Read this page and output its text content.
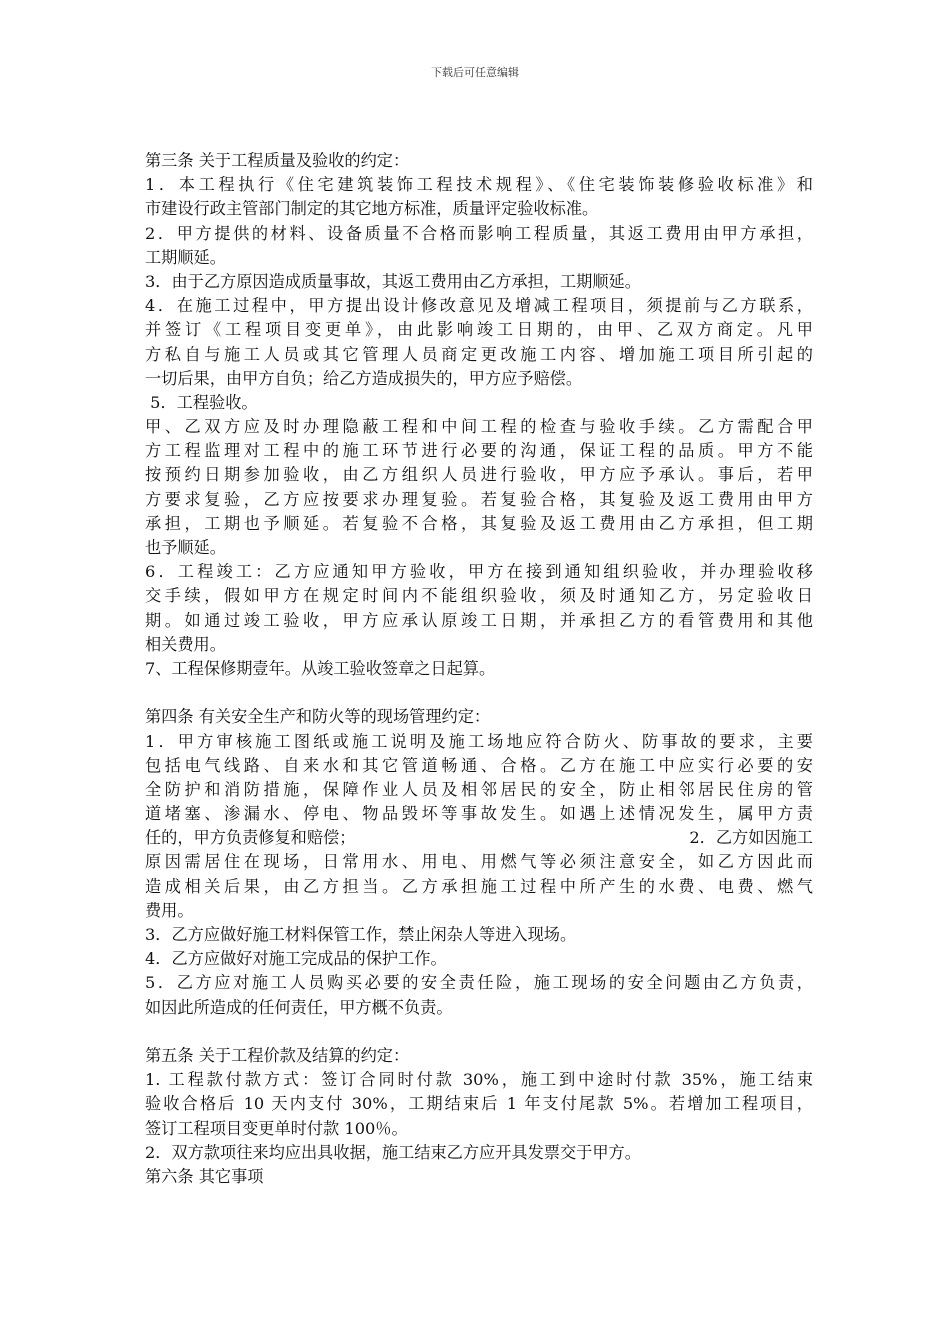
下载后可任意编辑
第三条 关于工程质量及验收的约定：
1．本工程执行《住宅建筑装饰工程技术规程》、《住宅装饰装修验收标准》和
市建设行政主管部门制定的其它地方标准，质量评定验收标准。
2．甲方提供的材料、设备质量不合格而影响工程质量，其返工费用由甲方承担，
工期顺延。
3．由于乙方原因造成质量事故，其返工费用由乙方承担，工期顺延。
4．在施工过程中，甲方提出设计修改意见及增减工程项目，须提前与乙方联系，
并签订《工程项目变更单》，由此影响竣工日期的，由甲、乙双方商定。凡甲
方私自与施工人员或其它管理人员商定更改施工内容、增加施工项目所引起的
一切后果，由甲方自负；给乙方造成损失的，甲方应予赔偿。
5．工程验收。
甲、乙双方应及时办理隐蔽工程和中间工程的检查与验收手续。乙方需配合甲
方工程监理对工程中的施工环节进行必要的沟通，保证工程的品质。甲方不能
按预约日期参加验收，由乙方组织人员进行验收，甲方应予承认。事后，若甲
方要求复验，乙方应按要求办理复验。若复验合格，其复验及返工费用由甲方
承担，工期也予顺延。若复验不合格，其复验及返工费用由乙方承担，但工期
也予顺延。
6．工程竣工：乙方应通知甲方验收，甲方在接到通知组织验收，并办理验收移
交手续，假如甲方在规定时间内不能组织验收，须及时通知乙方，另定验收日
期。如通过竣工验收，甲方应承认原竣工日期，并承担乙方的看管费用和其他
相关费用。
7、工程保修期壹年。从竣工验收签章之日起算。
第四条 有关安全生产和防火等的现场管理约定：
1．甲方审核施工图纸或施工说明及施工场地应符合防火、防事故的要求，主要
包括电气线路、自来水和其它管道畅通、合格。乙方在施工中应实行必要的安
全防护和消防措施，保障作业人员及相邻居民的安全，防止相邻居民住房的管
道堵塞、渗漏水、停电、物品毁坏等事故发生。如遇上述情况发生，属甲方责
任的，甲方负责修复和赔偿；	2．乙方如因施工
原因需居住在现场，日常用水、用电、用燃气等必须注意安全，如乙方因此而
造成相关后果，由乙方担当。乙方承担施工过程中所产生的水费、电费、燃气
费用。
3．乙方应做好施工材料保管工作，禁止闲杂人等进入现场。
4．乙方应做好对施工完成品的保护工作。
5．乙方应对施工人员购买必要的安全责任险，施工现场的安全问题由乙方负责，
如因此所造成的任何责任，甲方概不负责。
第五条 关于工程价款及结算的约定：
1. 工程款付款方式：签订合同时付款 30%，施工到中途时付款 35%，施工结束
验收合格后 10 天内支付 30%，工期结束后 1 年支付尾款 5%。若增加工程项目，
签订工程项目变更单时付款 100％。
2．双方款项往来均应出具收据，施工结束乙方应开具发票交于甲方。
第六条 其它事项
